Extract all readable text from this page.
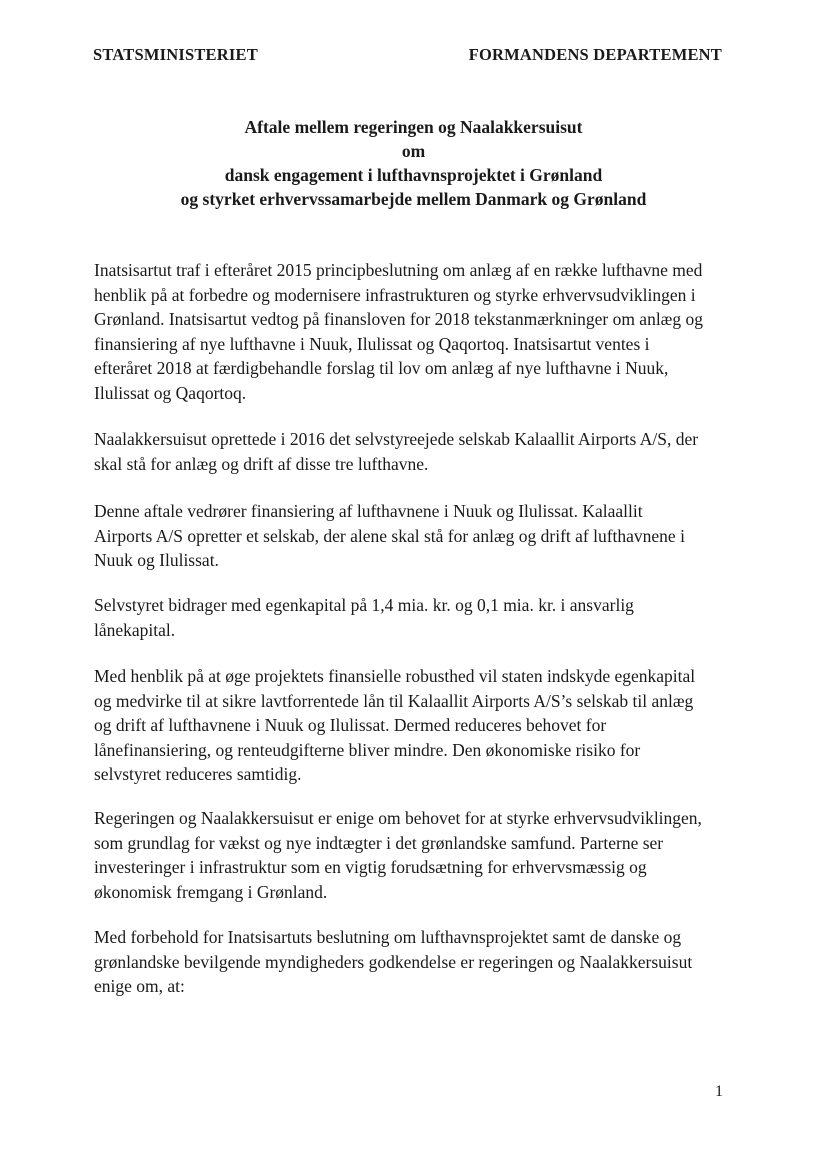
STATSMINISTERIET	FORMANDENS DEPARTEMENT
Aftale mellem regeringen og Naalakkersuisut
om
dansk engagement i lufthavnsprojektet i Grønland
og styrket erhvervssamarbejde mellem Danmark og Grønland

Inatsisartut traf i efteråret 2015 principbeslutning om anlæg af en række lufthavne med
henblik på at forbedre og modernisere infrastrukturen og styrke erhvervsudviklingen i
Grønland. Inatsisartut vedtog på finansloven for 2018 tekstanmærkninger om anlæg og
finansiering af nye lufthavne i Nuuk, Ilulissat og Qaqortoq. Inatsisartut ventes i
efteråret 2018 at færdigbehandle forslag til lov om anlæg af nye lufthavne i Nuuk,
Ilulissat og Qaqortoq.

Naalakkersuisut oprettede i 2016 det selvstyreejede selskab Kalaallit Airports A/S, der
skal stå for anlæg og drift af disse tre lufthavne.

Denne aftale vedrører finansiering af lufthavnene i Nuuk og Ilulissat. Kalaallit
Airports A/S opretter et selskab, der alene skal stå for anlæg og drift af lufthavnene i
Nuuk og Ilulissat.

Selvstyret bidrager med egenkapital på 1,4 mia. kr. og 0,1 mia. kr. i ansvarlig
lånekapital.

Med henblik på at øge projektets finansielle robusthed vil staten indskyde egenkapital
og medvirke til at sikre lavtforrentede lån til Kalaallit Airports A/S’s selskab til anlæg
og drift af lufthavnene i Nuuk og Ilulissat. Dermed reduceres behovet for
lånefinansiering, og renteudgifterne bliver mindre. Den økonomiske risiko for
selvstyret reduceres samtidig.

Regeringen og Naalakkersuisut er enige om behovet for at styrke erhvervsudviklingen,
som grundlag for vækst og nye indtægter i det grønlandske samfund. Parterne ser
investeringer i infrastruktur som en vigtig forudsætning for erhvervsmæssig og
økonomisk fremgang i Grønland.

Med forbehold for Inatsisartuts beslutning om lufthavnsprojektet samt de danske og
grønlandske bevilgende myndigheders godkendelse er regeringen og Naalakkersuisut
enige om, at:

1
